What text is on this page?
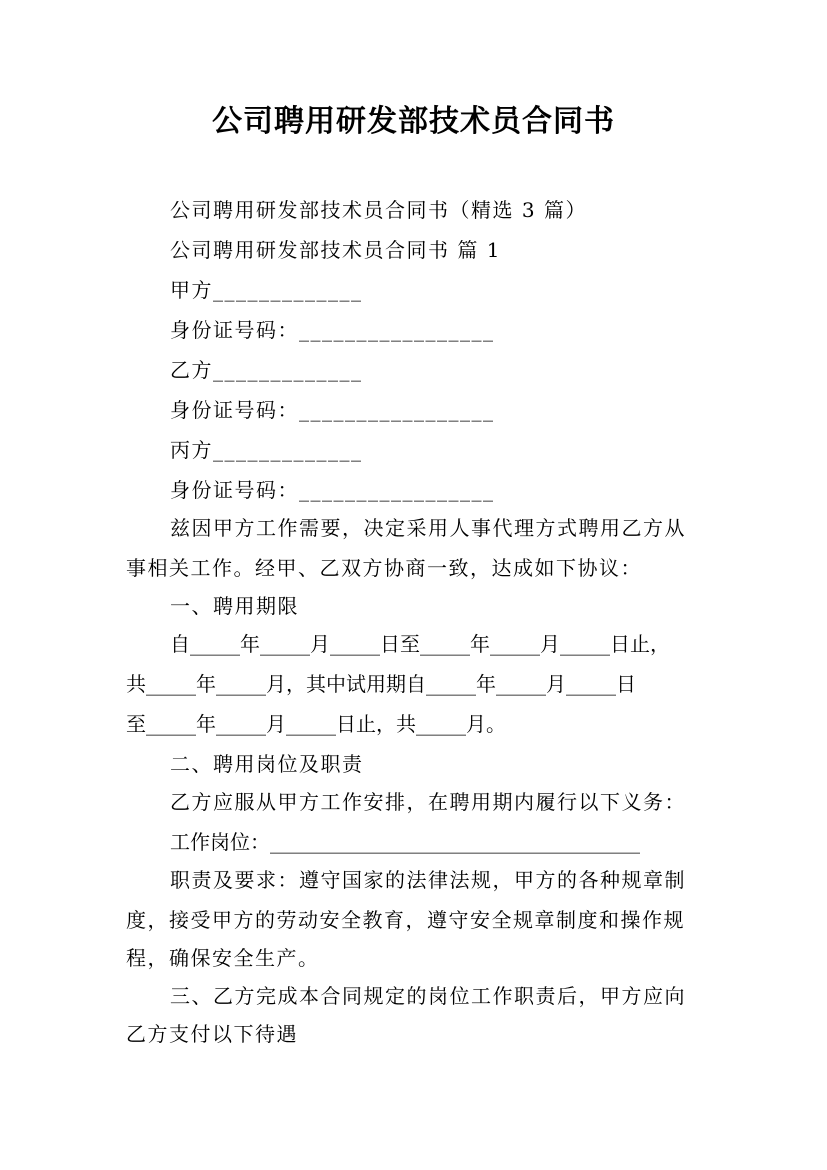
公司聘用研发部技术员合同书

公司聘用研发部技术员合同书（精选 3 篇）

公司聘用研发部技术员合同书 篇 1

甲方_____________

身份证号码：_________________

乙方_____________

身份证号码：_________________

丙方_____________

身份证号码：_________________

兹因甲方工作需要，决定采用人事代理方式聘用乙方从

事相关工作。经甲、乙双方协商一致，达成如下协议：

一、聘用期限

自_____年_____月_____日至_____年_____月_____日止，

共_____年_____月，其中试用期自_____年_____月_____日

至_____年_____月_____日止，共_____月。

二、聘用岗位及职责

乙方应服从甲方工作安排，在聘用期内履行以下义务：

工作岗位：_____________________________________

职责及要求：遵守国家的法律法规，甲方的各种规章制

度，接受甲方的劳动安全教育，遵守安全规章制度和操作规

程，确保安全生产。

三、乙方完成本合同规定的岗位工作职责后，甲方应向

乙方支付以下待遇
